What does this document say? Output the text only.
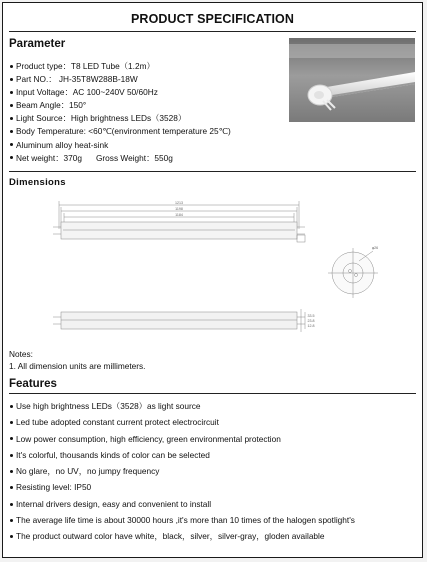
PRODUCT SPECIFICATION
Parameter
Product type：T8 LED Tube（1.2m）
Part NO.： JH-35T8W288B-18W
Input Voltage：AC 100~240V 50/60Hz
Beam Angle：150°
Light Source：High brightness LEDs（3528）
Body Temperature: <60℃(environment temperature 25℃)
Aluminum alloy heat-sink
Net weight：370g Gross Weight：550g
Dimensions
1213
1198
1184
φ26
33.5
23.8
12.8
Notes:
1. All dimension units are millimeters.
Features
Use high brightness LEDs（3528）as light source
Led tube adopted constant current protect electrocircuit
Low power consumption, high efficiency, green environmental protection
It's colorful, thousands kinds of color can be selected
No glare，no UV，no jumpy frequency
Resisting level: IP50
Internal drivers design, easy and convenient to install
The average life time is about 30000 hours ,it's more than 10 times of the halogen spotlight's
The product outward color have white，black，silver，silver-gray，gloden available
